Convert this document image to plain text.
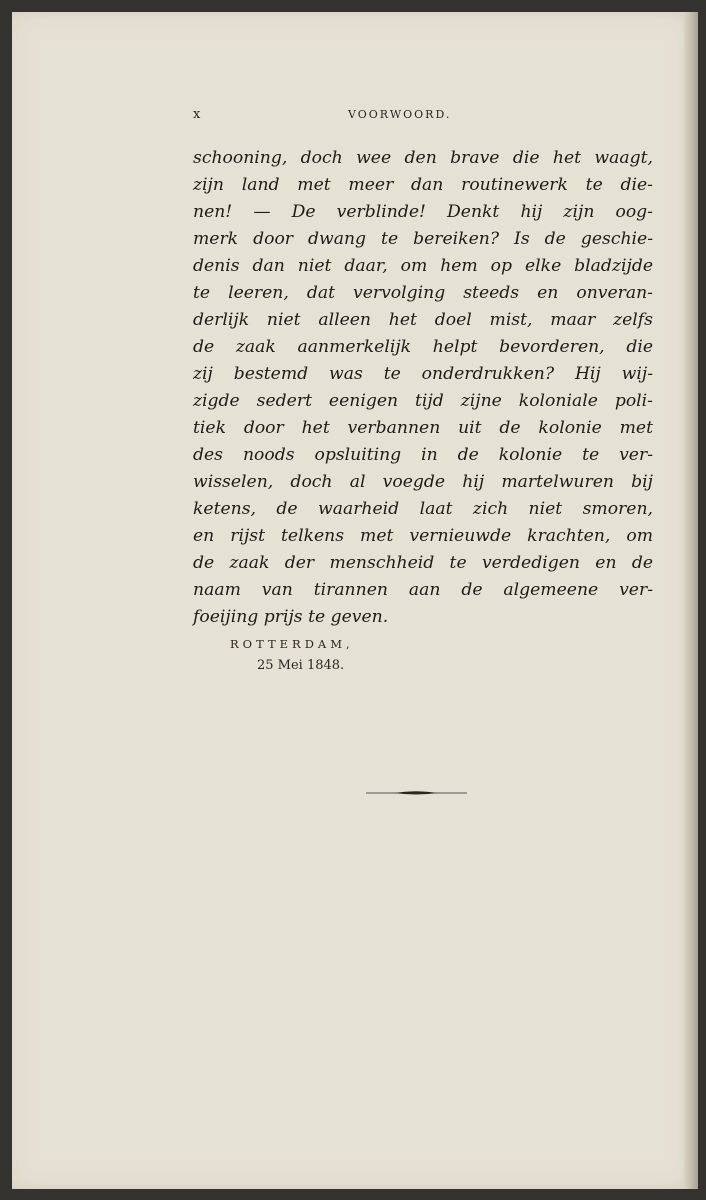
x	VOORWOORD.
schooning, doch wee den brave die het waagt,
zijn land met meer dan routinewerk te die-
nen! — De verblinde! Denkt hij zijn oog-
merk door dwang te bereiken? Is de geschie-
denis dan niet daar, om hem op elke bladzijde
te leeren, dat vervolging steeds en onveran-
derlijk niet alleen het doel mist, maar zelfs
de zaak aanmerkelijk helpt bevorderen, die
zij bestemd was te onderdrukken? Hij wij-
zigde sedert eenigen tijd zijne koloniale poli-
tiek door het verbannen uit de kolonie met
des noods opsluiting in de kolonie te ver-
wisselen, doch al voegde hij martelwuren bij
ketens, de waarheid laat zich niet smoren,
en rijst telkens met vernieuwde krachten, om
de zaak der menschheid te verdedigen en de
naam van tirannen aan de algemeene ver-
foeijing prijs te geven.
ROTTERDAM,
25 Mei 1848.
